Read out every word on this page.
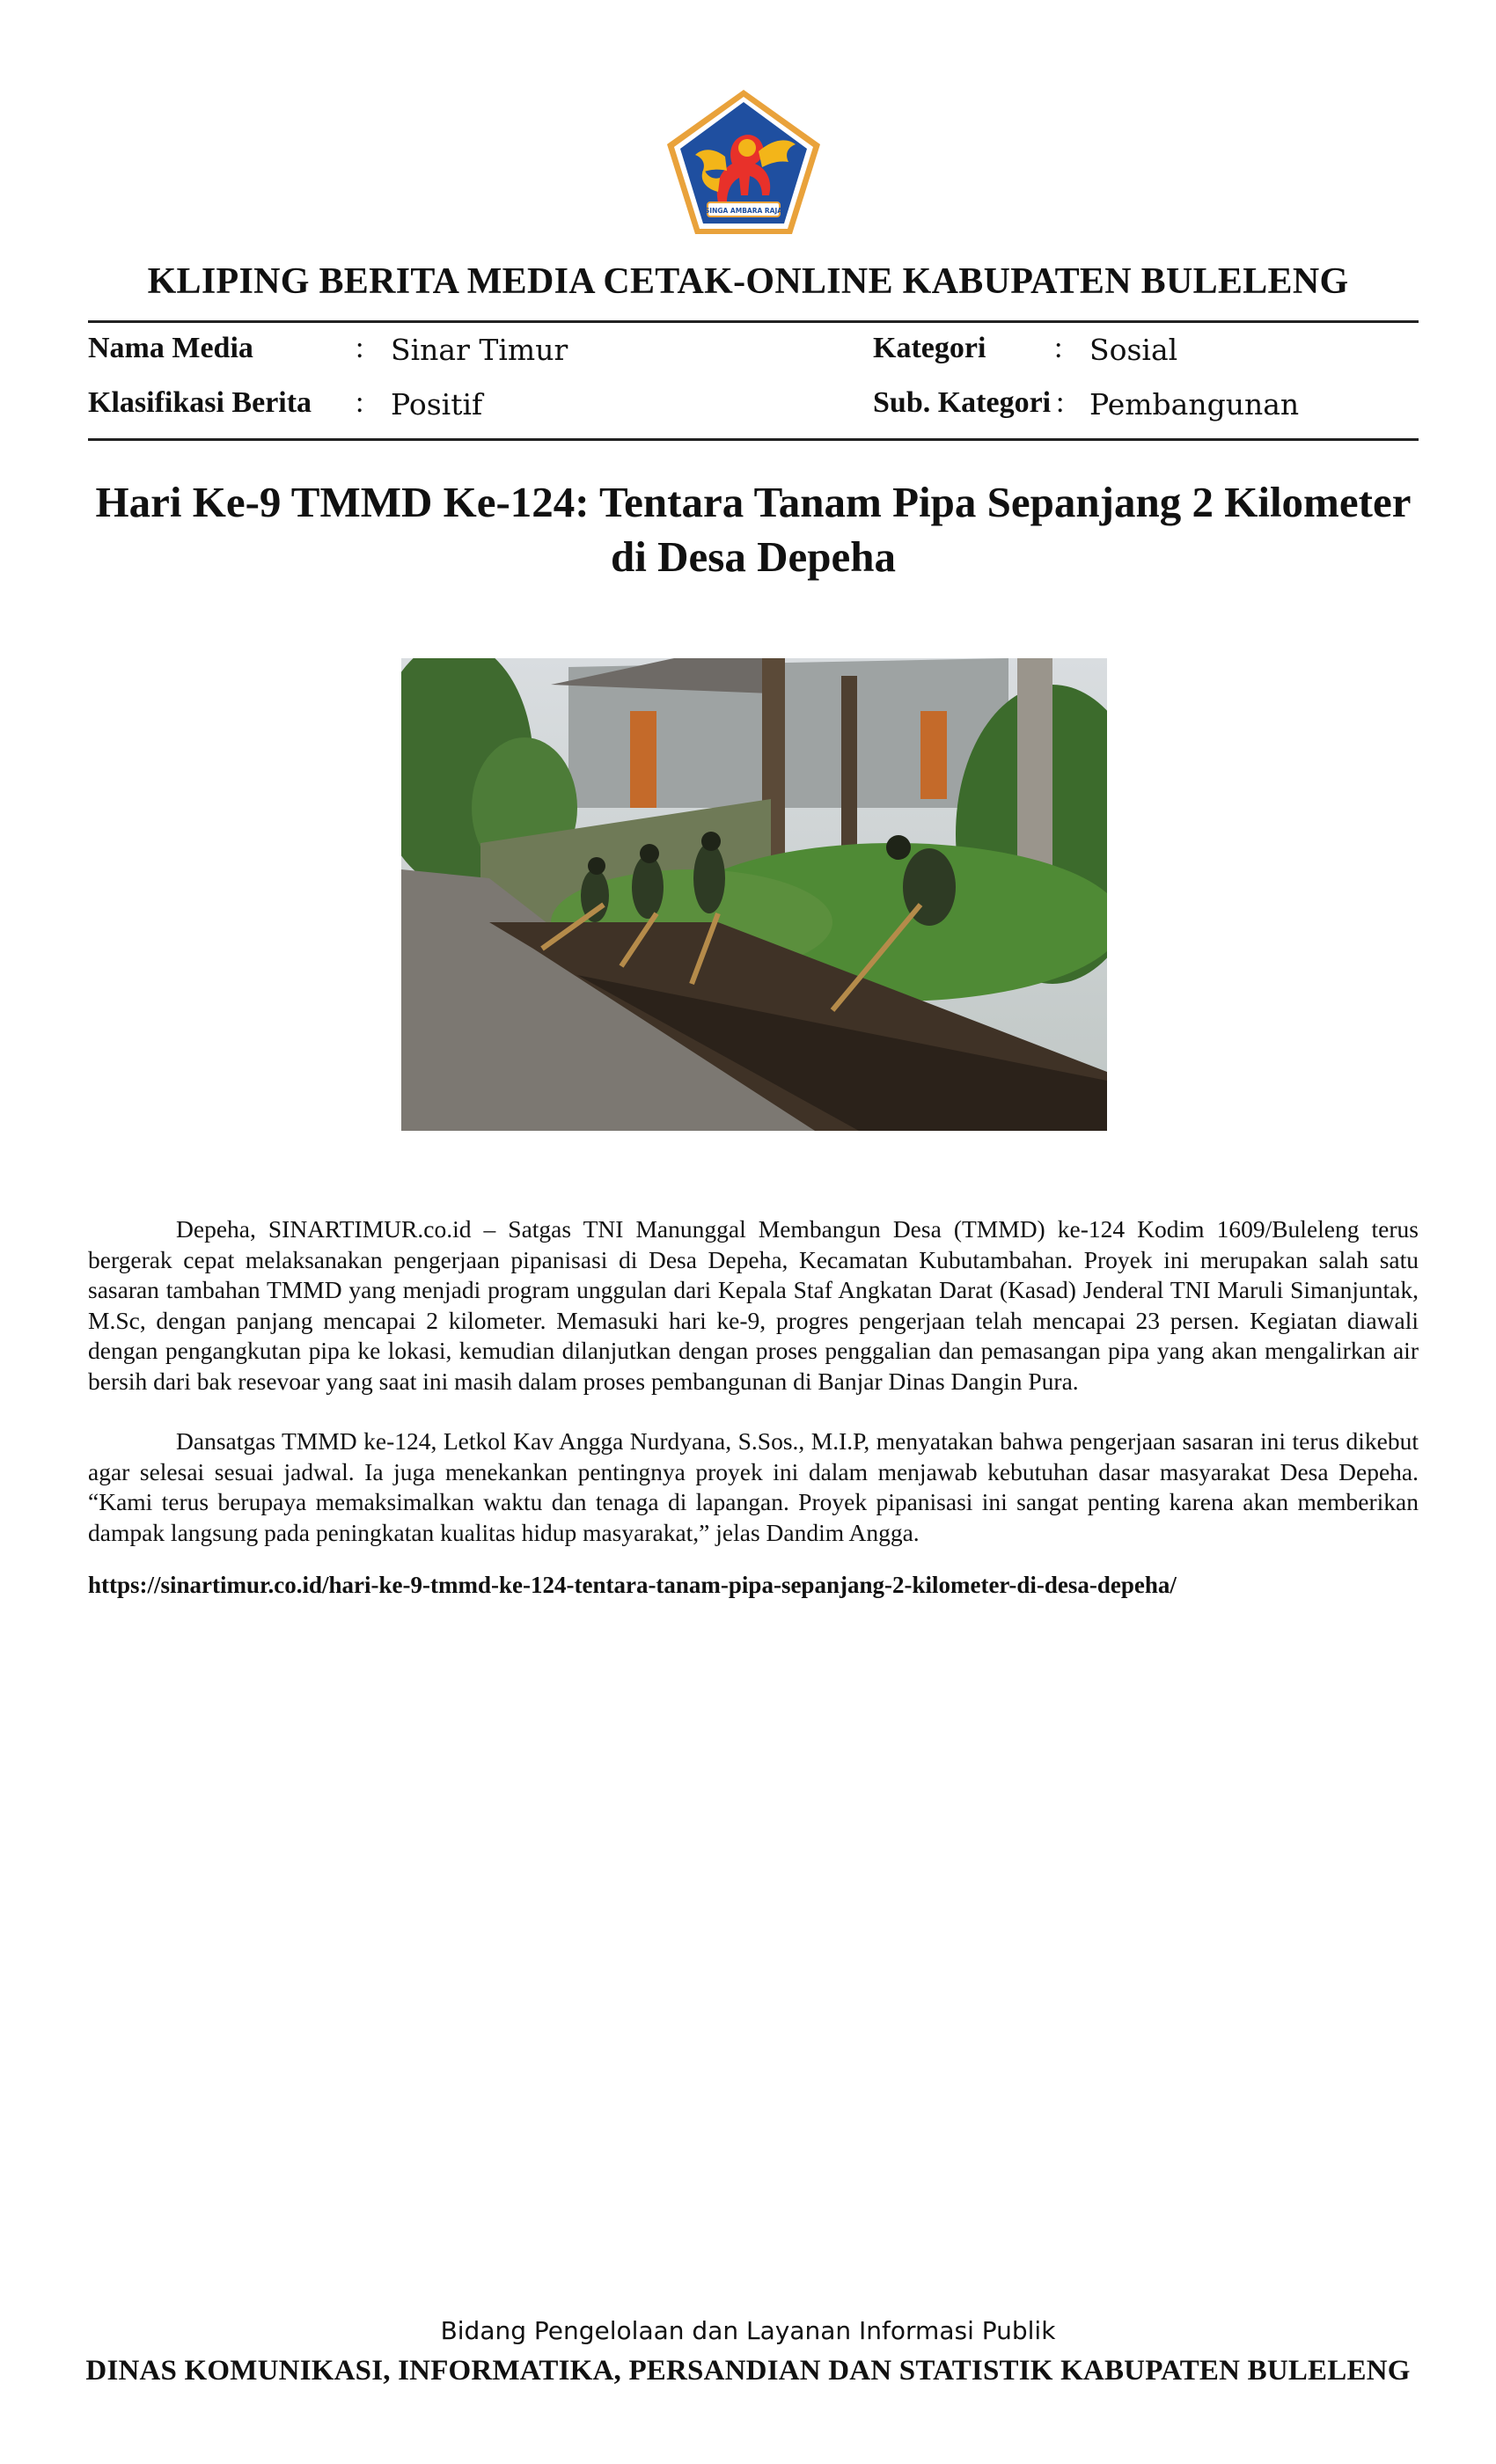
SINGA AMBARA RAJA
KLIPING BERITA MEDIA CETAK-ONLINE KABUPATEN BULELENG
Nama Media	: Sinar Timur
Klasifikasi Berita : Positif
Kategori : Sosial
Sub. Kategori : Pembangunan
Hari Ke-9 TMMD Ke-124: Tentara Tanam Pipa Sepanjang 2 Kilometer
di Desa Depeha

Depeha, SINARTIMUR.co.id – Satgas TNI Manunggal Membangun Desa (TMMD) ke-124 Kodim 1609/Buleleng terus bergerak cepat melaksanakan pengerjaan pipanisasi di Desa Depeha, Kecamatan Kubutambahan. Proyek ini merupakan salah satu sasaran tambahan TMMD yang menjadi program unggulan dari Kepala Staf Angkatan Darat (Kasad) Jenderal TNI Maruli Simanjuntak, M.Sc, dengan panjang mencapai 2 kilometer. Memasuki hari ke-9, progres pengerjaan telah mencapai 23 persen. Kegiatan diawali dengan pengangkutan pipa ke lokasi, kemudian dilanjutkan dengan proses penggalian dan pemasangan pipa yang akan mengalirkan air bersih dari bak resevoar yang saat ini masih dalam proses pembangunan di Banjar Dinas Dangin Pura.

Dansatgas TMMD ke-124, Letkol Kav Angga Nurdyana, S.Sos., M.I.P, menyatakan bahwa pengerjaan sasaran ini terus dikebut agar selesai sesuai jadwal. Ia juga menekankan pentingnya proyek ini dalam menjawab kebutuhan dasar masyarakat Desa Depeha. “Kami terus berupaya memaksimalkan waktu dan tenaga di lapangan. Proyek pipanisasi ini sangat penting karena akan memberikan dampak langsung pada peningkatan kualitas hidup masyarakat,” jelas Dandim Angga.

https://sinartimur.co.id/hari-ke-9-tmmd-ke-124-tentara-tanam-pipa-sepanjang-2-kilometer-di-desa-depeha/
Bidang Pengelolaan dan Layanan Informasi Publik
DINAS KOMUNIKASI, INFORMATIKA, PERSANDIAN DAN STATISTIK KABUPATEN BULELENG
